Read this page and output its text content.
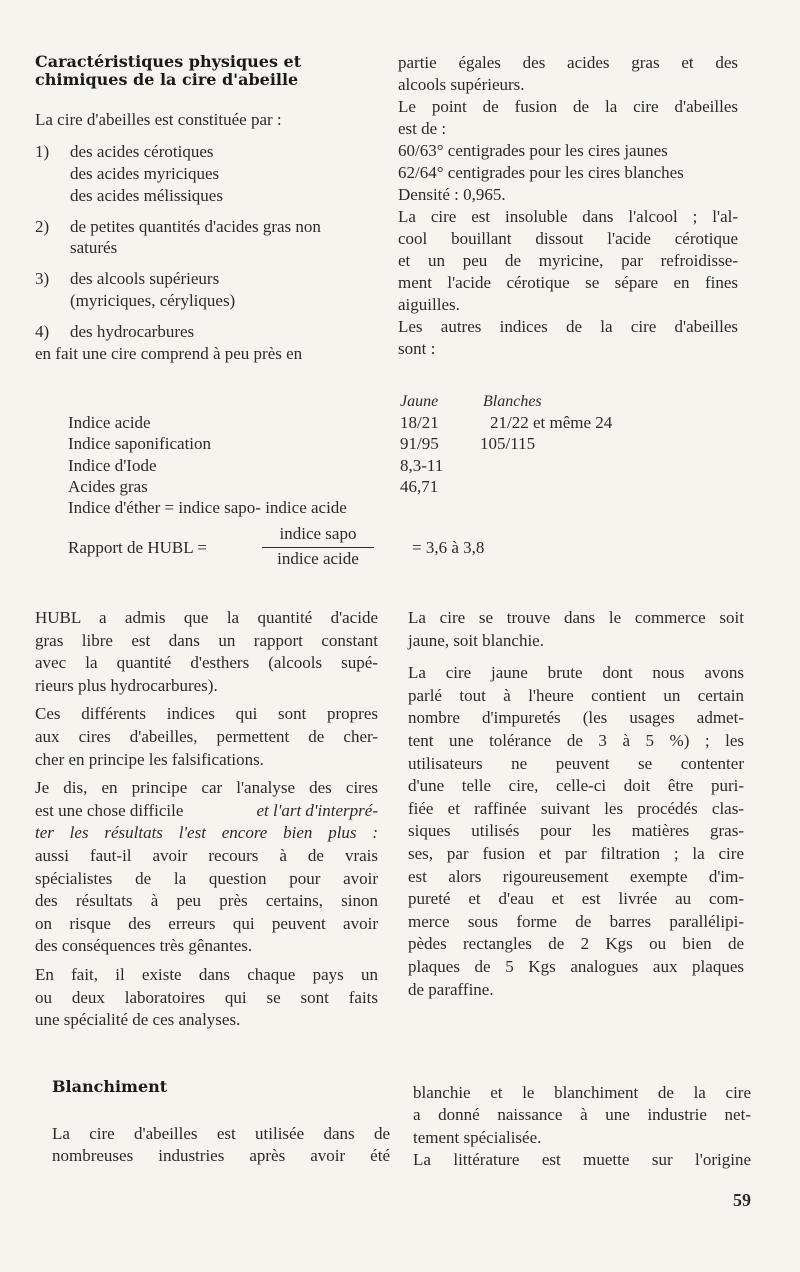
Caractéristiques physiques et
chimiques de la cire d'abeille
La cire d'abeilles est constituée par :
1) des acides cérotiques
des acides myriciques
des acides mélissiques
2) de petites quantités d'acides gras non
saturés
3) des alcools supérieurs
(myriciques, céryliques)
4) des hydrocarbures
en fait une cire comprend à peu près en

partie égales des acides gras et des

alcools supérieurs.

Le point de fusion de la cire d'abeilles

est de :

60/63° centigrades pour les cires jaunes

62/64° centigrades pour les cires blanches

Densité : 0,965.

La cire est insoluble dans l'alcool ; l'al-

cool bouillant dissout l'acide cérotique

et un peu de myricine, par refroidisse-

ment l'acide cérotique se sépare en fines

aiguilles.

Les autres indices de la cire d'abeilles

sont :

Jaune	Blanches
Indice acide	18/21	21/22 et même 24
Indice saponification	91/95 105/115
Indice d'Iode	8,3-11
Acides gras	46,71
Indice d'éther = indice sapo- indice acide
Rapport de HUBL =
indice sapo
indice acide
= 3,6 à 3,8

HUBL a admis que la quantité d'acide

gras libre est dans un rapport constant

avec la quantité d'esthers (alcools supé-

rieurs plus hydrocarbures).

Ces différents indices qui sont propres

aux cires d'abeilles, permettent de cher-

cher en principe les falsifications.

Je dis, en principe car l'analyse des cires

est une chose difficile	et l'art d'interpré-

ter les résultats l'est encore bien plus :

aussi faut-il avoir recours à de vrais

spécialistes de la question pour avoir

des résultats à peu près certains, sinon

on risque des erreurs qui peuvent avoir

des conséquences très gênantes.

En fait, il existe dans chaque pays un

ou deux laboratoires qui se sont faits

une spécialité de ces analyses.

La cire se trouve dans le commerce soit

jaune, soit blanchie.

La cire jaune brute dont nous avons

parlé tout à l'heure contient un certain

nombre d'impuretés (les usages admet-

tent une tolérance de 3 à 5 %) ; les

utilisateurs ne peuvent se contenter

d'une telle cire, celle-ci doit être puri-

fiée et raffinée suivant les procédés clas-

siques utilisés pour les matières gras-

ses, par fusion et par filtration ; la cire

est alors rigoureusement exempte d'im-

pureté et d'eau et est livrée au com-

merce sous forme de barres parallélipi-

pèdes rectangles de 2 Kgs ou bien de

plaques de 5 Kgs analogues aux plaques

de paraffine.

Blanchiment

La cire d'abeilles est utilisée dans de

nombreuses industries après avoir été

blanchie et le blanchiment de la cire

a donné naissance à une industrie net-

tement spécialisée.

La littérature est muette sur l'origine

59
